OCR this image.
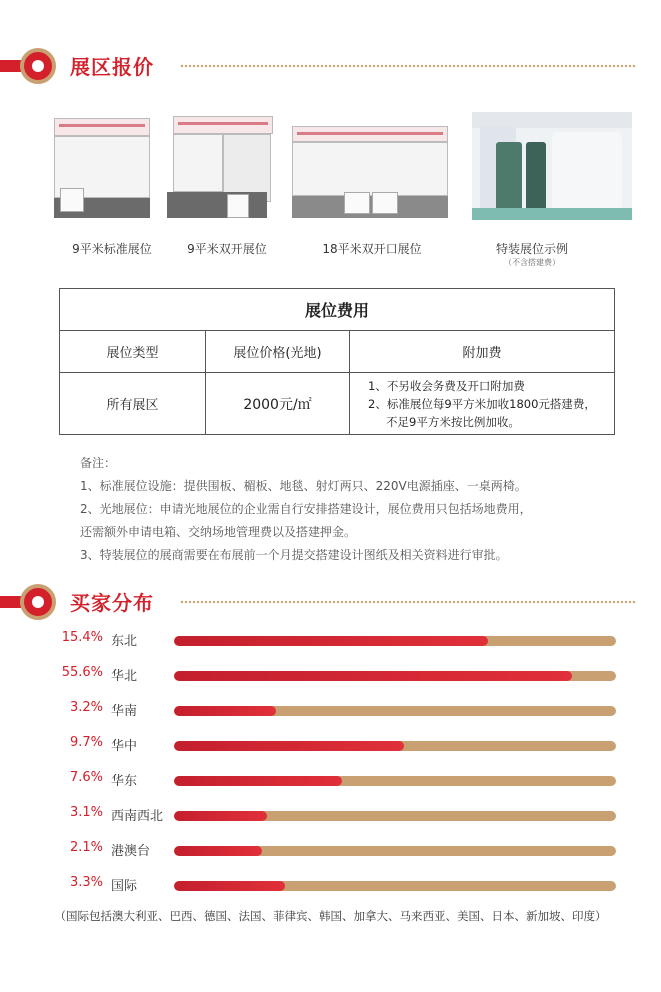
展区报价
9平米标准展位	9平米双开展位	18平米双开口展位	特装展位示例
（不含搭建费）
展位费用		
展位类型	展位价格(光地)	附加费
所有展区	2000元/㎡	1、不另收会务费及开口附加费
2、标准展位每9平方米加收1800元搭建费，
不足9平方米按比例加收。
备注：
1、标准展位设施：提供围板、楣板、地毯、射灯两只、220V电源插座、一桌两椅。
2、光地展位：申请光地展位的企业需自行安排搭建设计，展位费用只包括场地费用，
还需额外申请电箱、交纳场地管理费以及搭建押金。
3、特装展位的展商需要在布展前一个月提交搭建设计图纸及相关资料进行审批。
买家分布
15.4% 东北
55.6% 华北
3.2% 华南
9.7% 华中
7.6% 华东
3.1% 西南西北
2.1% 港澳台
3.3% 国际
（国际包括澳大利亚、巴西、德国、法国、菲律宾、韩国、加拿大、马来西亚、美国、日本、新加坡、印度）
